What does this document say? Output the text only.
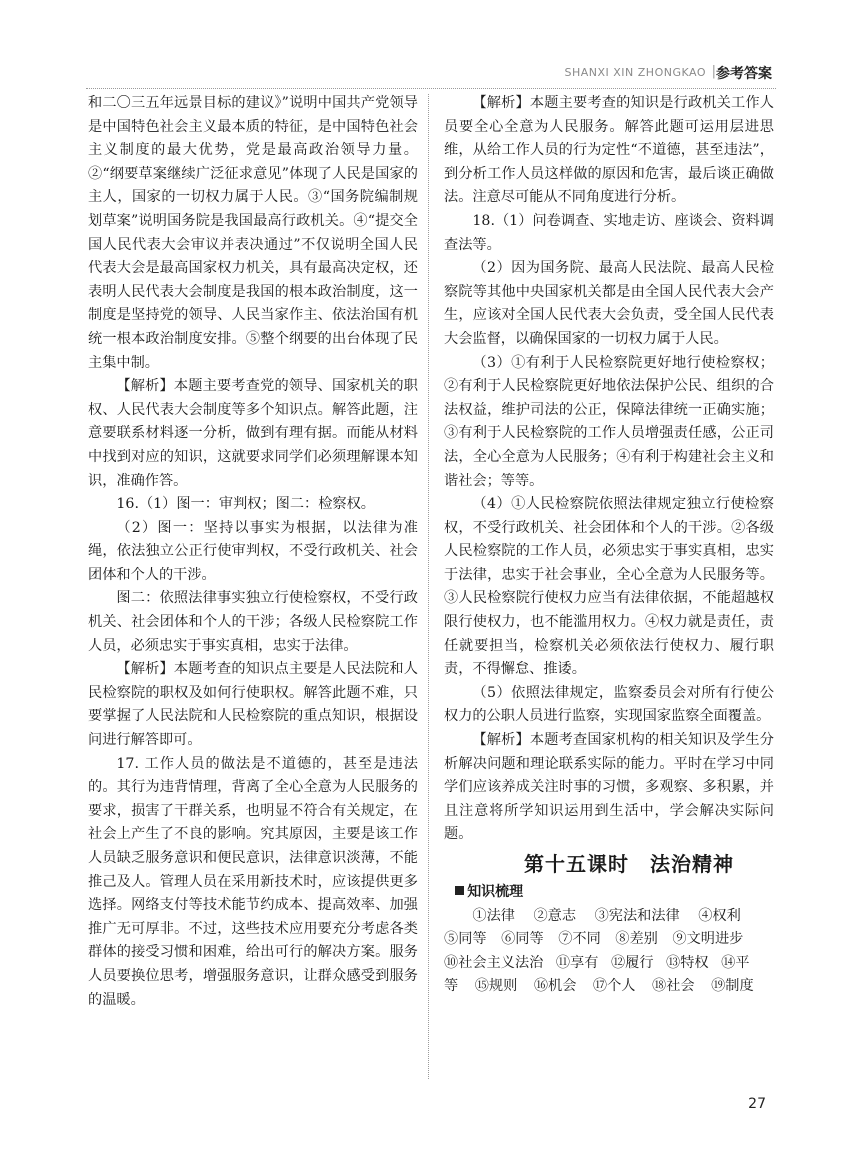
SHANXI XIN ZHONGKAO | 参考答案

和二〇三五年远景目标的建议》”说明中国共产党领导是中国特色社会主义最本质的特征，是中国特色社会主义制度的最大优势，党是最高政治领导力量。②“纲要草案继续广泛征求意见”体现了人民是国家的主人，国家的一切权力属于人民。③“国务院编制规划草案”说明国务院是我国最高行政机关。④“提交全国人民代表大会审议并表决通过”不仅说明全国人民代表大会是最高国家权力机关，具有最高决定权，还表明人民代表大会制度是我国的根本政治制度，这一制度是坚持党的领导、人民当家作主、依法治国有机统一根本政治制度安排。⑤整个纲要的出台体现了民主集中制。

【解析】本题主要考查党的领导、国家机关的职权、人民代表大会制度等多个知识点。解答此题，注意要联系材料逐一分析，做到有理有据。而能从材料中找到对应的知识，这就要求同学们必须理解课本知识，准确作答。

16.（1）图一：审判权；图二：检察权。

（2）图一：坚持以事实为根据，以法律为准绳，依法独立公正行使审判权，不受行政机关、社会团体和个人的干涉。

图二：依照法律事实独立行使检察权，不受行政机关、社会团体和个人的干涉；各级人民检察院工作人员，必须忠实于事实真相，忠实于法律。

【解析】本题考查的知识点主要是人民法院和人民检察院的职权及如何行使职权。解答此题不难，只要掌握了人民法院和人民检察院的重点知识，根据设问进行解答即可。

17. 工作人员的做法是不道德的，甚至是违法的。其行为违背情理，背离了全心全意为人民服务的要求，损害了干群关系，也明显不符合有关规定，在社会上产生了不良的影响。究其原因，主要是该工作人员缺乏服务意识和便民意识，法律意识淡薄，不能推己及人。管理人员在采用新技术时，应该提供更多选择。网络支付等技术能节约成本、提高效率、加强推广无可厚非。不过，这些技术应用要充分考虑各类群体的接受习惯和困难，给出可行的解决方案。服务人员要换位思考，增强服务意识，让群众感受到服务的温暖。

【解析】本题主要考查的知识是行政机关工作人员要全心全意为人民服务。解答此题可运用层进思维，从给工作人员的行为定性“不道德，甚至违法”，到分析工作人员这样做的原因和危害，最后谈正确做法。注意尽可能从不同角度进行分析。

18.（1）问卷调查、实地走访、座谈会、资料调查法等。

（2）因为国务院、最高人民法院、最高人民检察院等其他中央国家机关都是由全国人民代表大会产生，应该对全国人民代表大会负责，受全国人民代表大会监督，以确保国家的一切权力属于人民。

（3）①有利于人民检察院更好地行使检察权；②有利于人民检察院更好地依法保护公民、组织的合法权益，维护司法的公正，保障法律统一正确实施；③有利于人民检察院的工作人员增强责任感，公正司法，全心全意为人民服务；④有利于构建社会主义和谐社会；等等。

（4）①人民检察院依照法律规定独立行使检察权，不受行政机关、社会团体和个人的干涉。②各级人民检察院的工作人员，必须忠实于事实真相，忠实于法律，忠实于社会事业，全心全意为人民服务等。③人民检察院行使权力应当有法律依据，不能超越权限行使权力，也不能滥用权力。④权力就是责任，责任就要担当，检察机关必须依法行使权力、履行职责，不得懈怠、推诿。

（5）依照法律规定，监察委员会对所有行使公权力的公职人员进行监察，实现国家监察全面覆盖。

【解析】本题考查国家机构的相关知识及学生分析解决问题和理论联系实际的能力。平时在学习中同学们应该养成关注时事的习惯，多观察、多积累，并且注意将所学知识运用到生活中，学会解决实际问题。

第十五课时　法治精神

知识梳理

①法律 ②意志 ③宪法和法律 ④权利

⑤同等 ⑥同等 ⑦不同 ⑧差别 ⑨文明进步

⑩社会主义法治 ⑪享有 ⑫履行 ⑬特权 ⑭平

等 ⑮规则 ⑯机会 ⑰个人 ⑱社会 ⑲制度

27
